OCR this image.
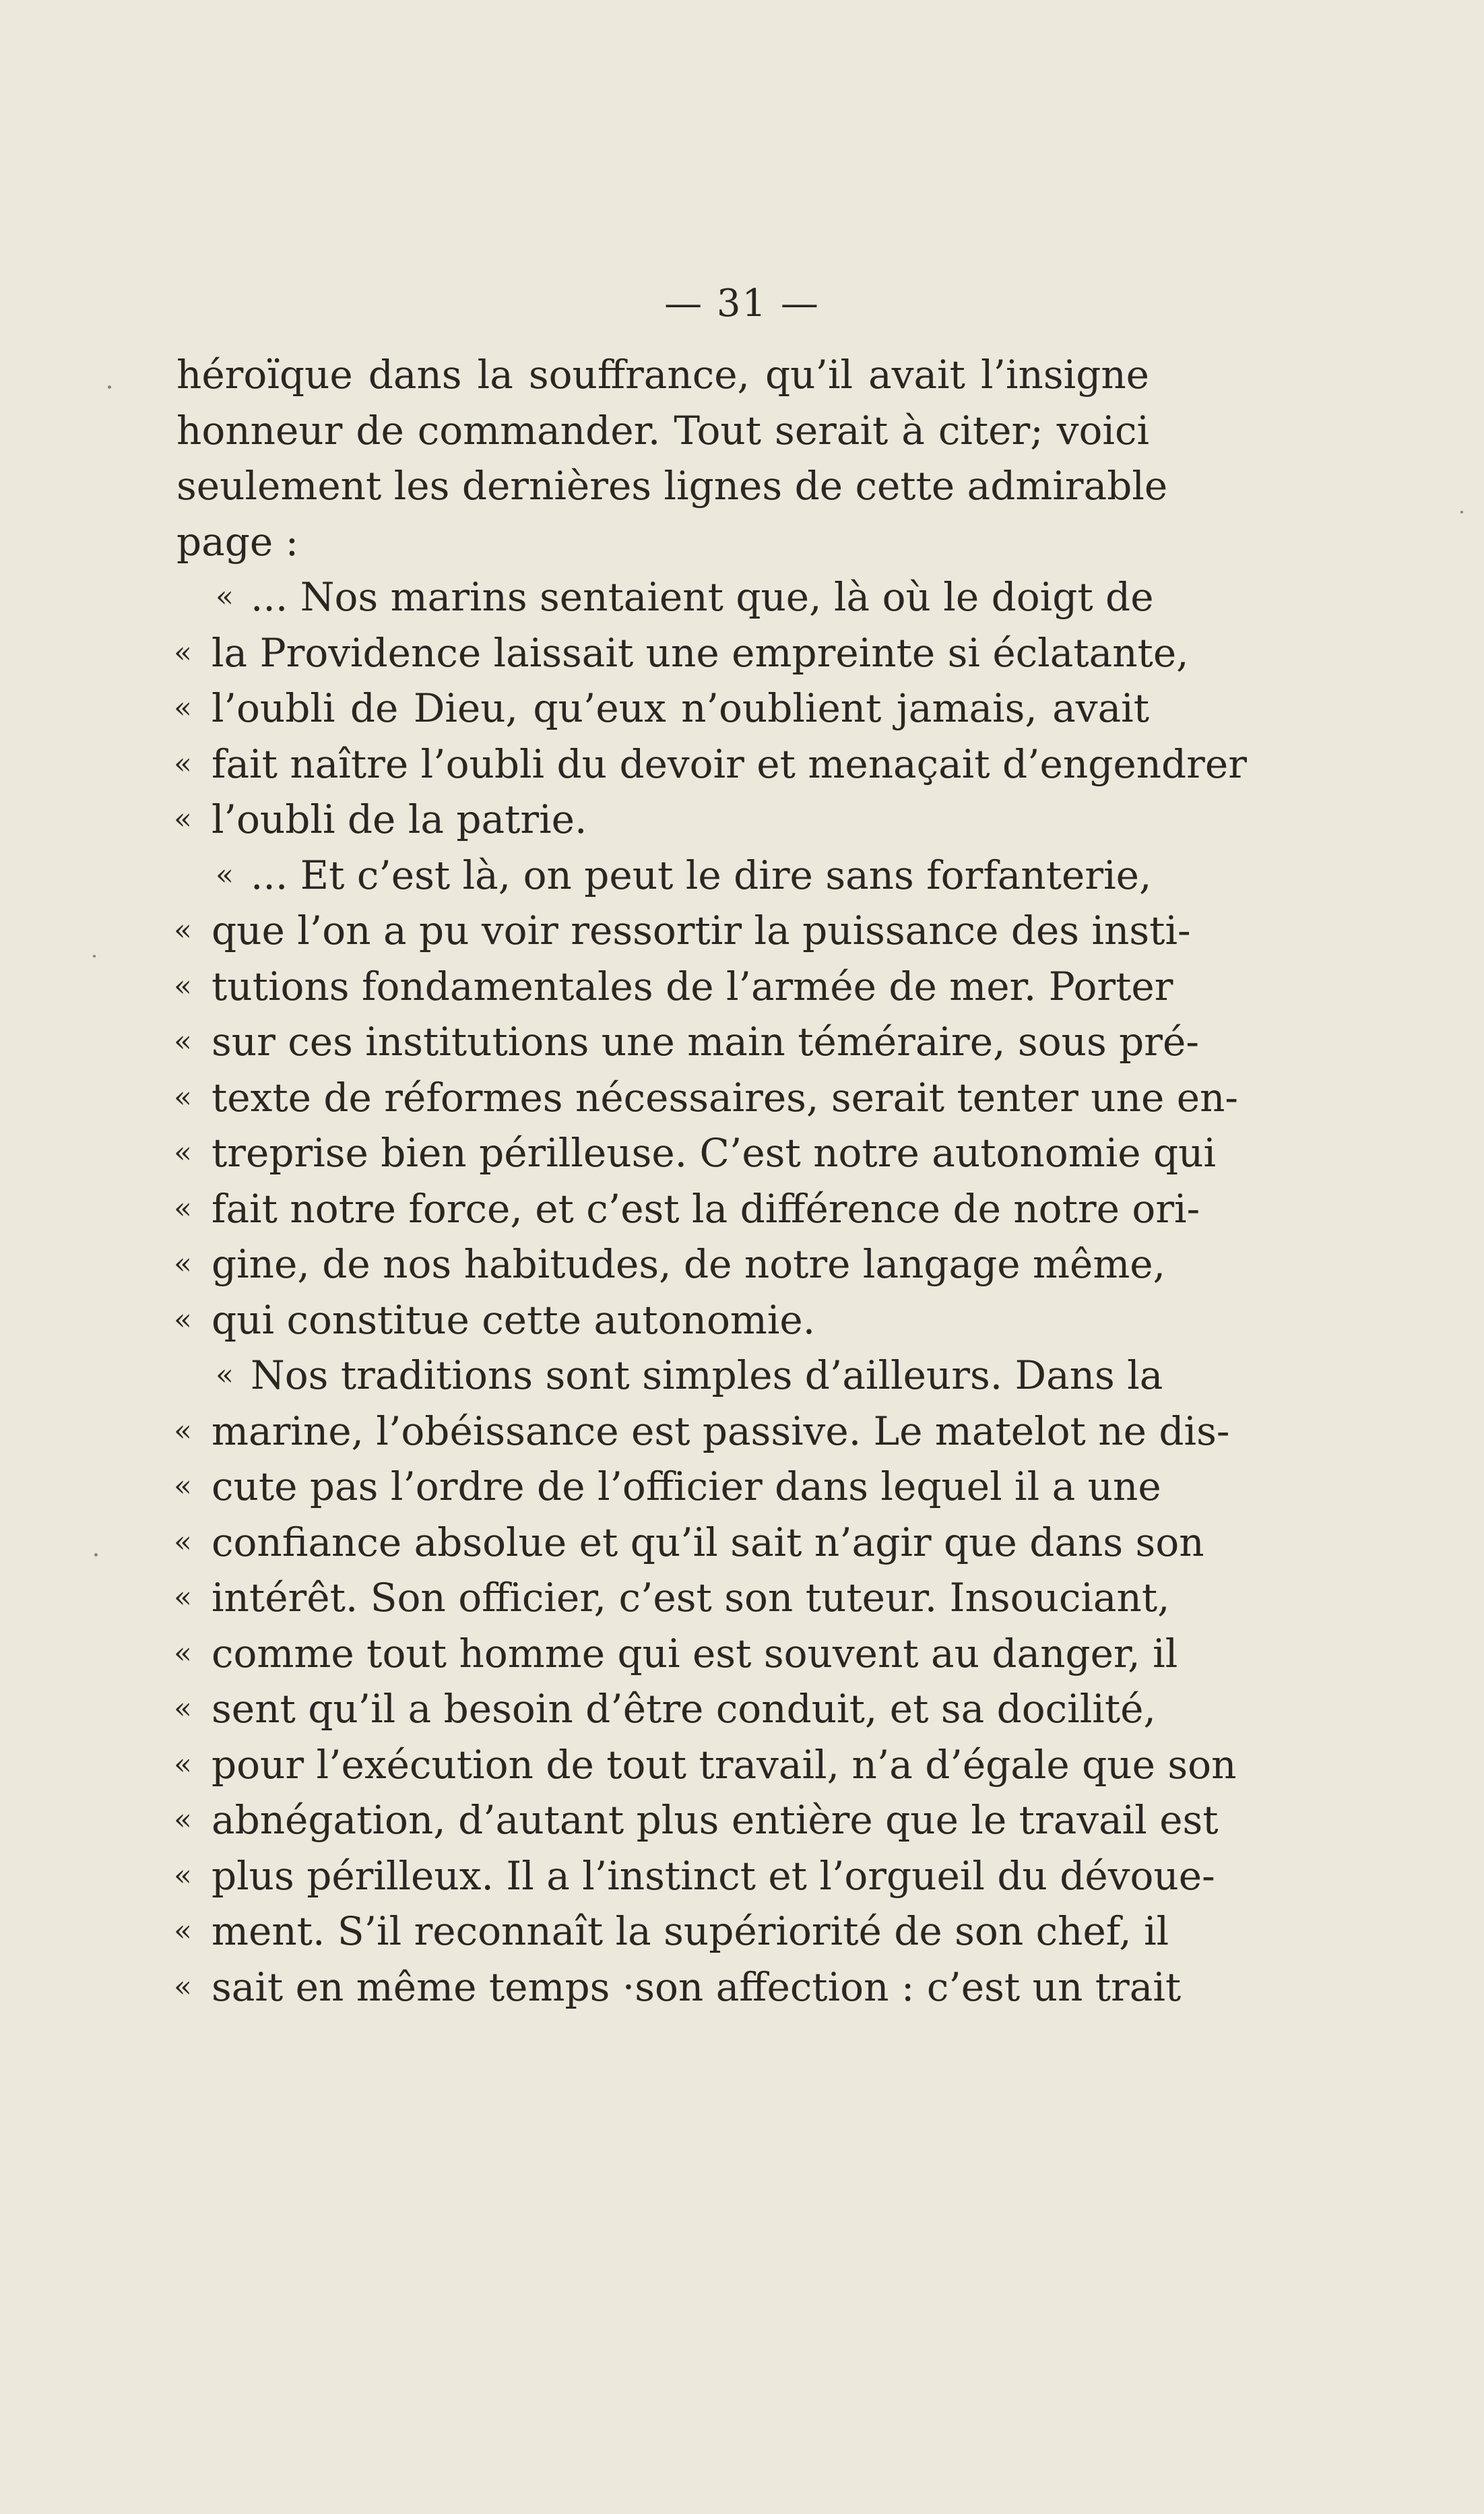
— 31 —
héroïque dans la souffrance, qu’il avait l’insigne
honneur de commander. Tout serait à citer; voici
seulement les dernières lignes de cette admirable
page :
« ... Nos marins sentaient que, là où le doigt de
« la Providence laissait une empreinte si éclatante,
« l’oubli de Dieu, qu’eux n’oublient jamais, avait
« fait naître l’oubli du devoir et menaçait d’engendrer
« l’oubli de la patrie.
« ... Et c’est là, on peut le dire sans forfanterie,
« que l’on a pu voir ressortir la puissance des insti-
« tutions fondamentales de l’armée de mer. Porter
« sur ces institutions une main téméraire, sous pré-
« texte de réformes nécessaires, serait tenter une en-
« treprise bien périlleuse. C’est notre autonomie qui
« fait notre force, et c’est la différence de notre ori-
« gine, de nos habitudes, de notre langage même,
« qui constitue cette autonomie.
« Nos traditions sont simples d’ailleurs. Dans la
« marine, l’obéissance est passive. Le matelot ne dis-
« cute pas l’ordre de l’officier dans lequel il a une
« confiance absolue et qu’il sait n’agir que dans son
« intérêt. Son officier, c’est son tuteur. Insouciant,
« comme tout homme qui est souvent au danger, il
« sent qu’il a besoin d’être conduit, et sa docilité,
« pour l’exécution de tout travail, n’a d’égale que son
« abnégation, d’autant plus entière que le travail est
« plus périlleux. Il a l’instinct et l’orgueil du dévoue-
« ment. S’il reconnaît la supériorité de son chef, il
« sait en même temps ·son affection : c’est un trait
